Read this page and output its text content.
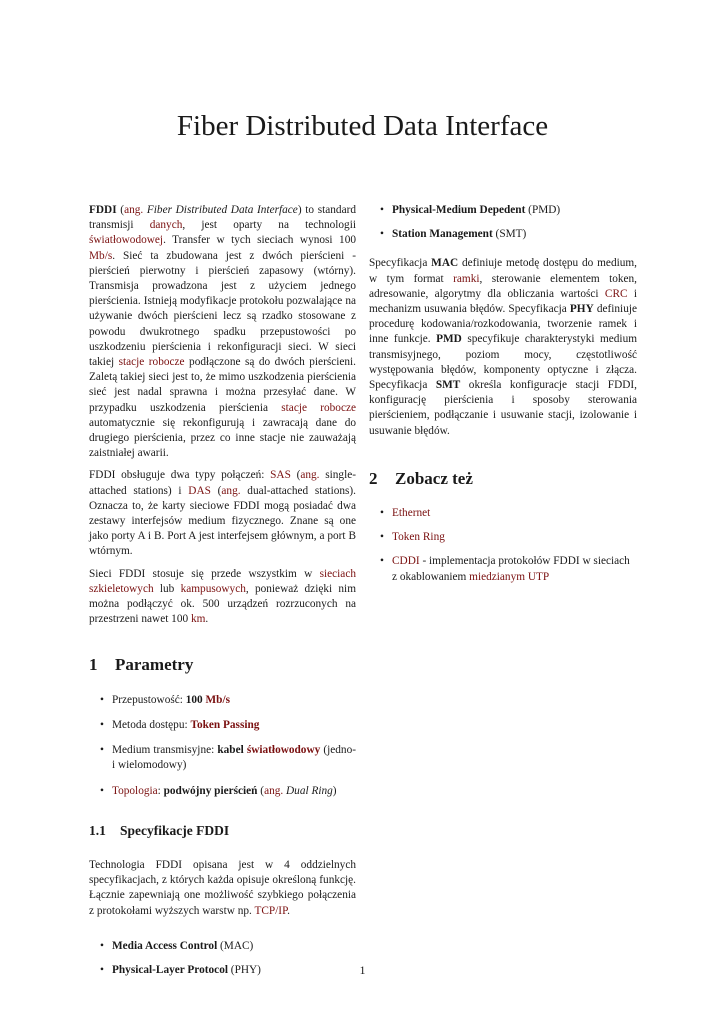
Fiber Distributed Data Interface

FDDI (ang. Fiber Distributed Data Interface) to standard transmisji danych, jest oparty na technologii światłowodowej. Transfer w tych sieciach wynosi 100 Mb/s. Sieć ta zbudowana jest z dwóch pierścieni - pierścień pierwotny i pierścień zapasowy (wtórny). Transmisja prowadzona jest z użyciem jednego pierścienia. Istnieją modyfikacje protokołu pozwalające na używanie dwóch pierścieni lecz są rzadko stosowane z powodu dwukrotnego spadku przepustowości po uszkodzeniu pierścienia i rekonfiguracji sieci. W sieci takiej stacje robocze podłączone są do dwóch pierścieni. Zaletą takiej sieci jest to, że mimo uszkodzenia pierścienia sieć jest nadal sprawna i można przesyłać dane. W przypadku uszkodzenia pierścienia stacje robocze automatycznie się rekonfigurują i zawracają dane do drugiego pierścienia, przez co inne stacje nie zauważają zaistniałej awarii.

FDDI obsługuje dwa typy połączeń: SAS (ang. single-attached stations) i DAS (ang. dual-attached stations). Oznacza to, że karty sieciowe FDDI mogą posiadać dwa zestawy interfejsów medium fizycznego. Znane są one jako porty A i B. Port A jest interfejsem głównym, a port B wtórnym.

Sieci FDDI stosuje się przede wszystkim w sieciach szkieletowych lub kampusowych, ponieważ dzięki nim można podłączyć ok. 500 urządzeń rozrzuconych na przestrzeni nawet 100 km.

1 Parametry
• Przepustowość: 100 Mb/s
• Metoda dostępu: Token Passing
• Medium transmisyjne: kabel światłowodowy (jedno- i wielomodowy)
• Topologia: podwójny pierścień (ang. Dual Ring)
1.1 Specyfikacje FDDI

Technologia FDDI opisana jest w 4 oddzielnych specyfikacjach, z których każda opisuje określoną funkcję. Łącznie zapewniają one możliwość szybkiego połączenia z protokołami wyższych warstw np. TCP/IP.

• Media Access Control (MAC)
• Physical-Layer Protocol (PHY)
• Physical-Medium Depedent (PMD)
• Station Management (SMT)

Specyfikacja MAC definiuje metodę dostępu do medium, w tym format ramki, sterowanie elementem token, adresowanie, algorytmy dla obliczania wartości CRC i mechanizm usuwania błędów. Specyfikacja PHY definiuje procedurę kodowania/rozkodowania, tworzenie ramek i inne funkcje. PMD specyfikuje charakterystyki medium transmisyjnego, poziom mocy, częstotliwość występowania błędów, komponenty optyczne i złącza. Specyfikacja SMT określa konfiguracje stacji FDDI, konfigurację pierścienia i sposoby sterowania pierścieniem, podłączanie i usuwanie stacji, izolowanie i usuwanie błędów.

2 Zobacz też
• Ethernet
• Token Ring
• CDDI - implementacja protokołów FDDI w sieciach z okablowaniem miedzianym UTP
1
